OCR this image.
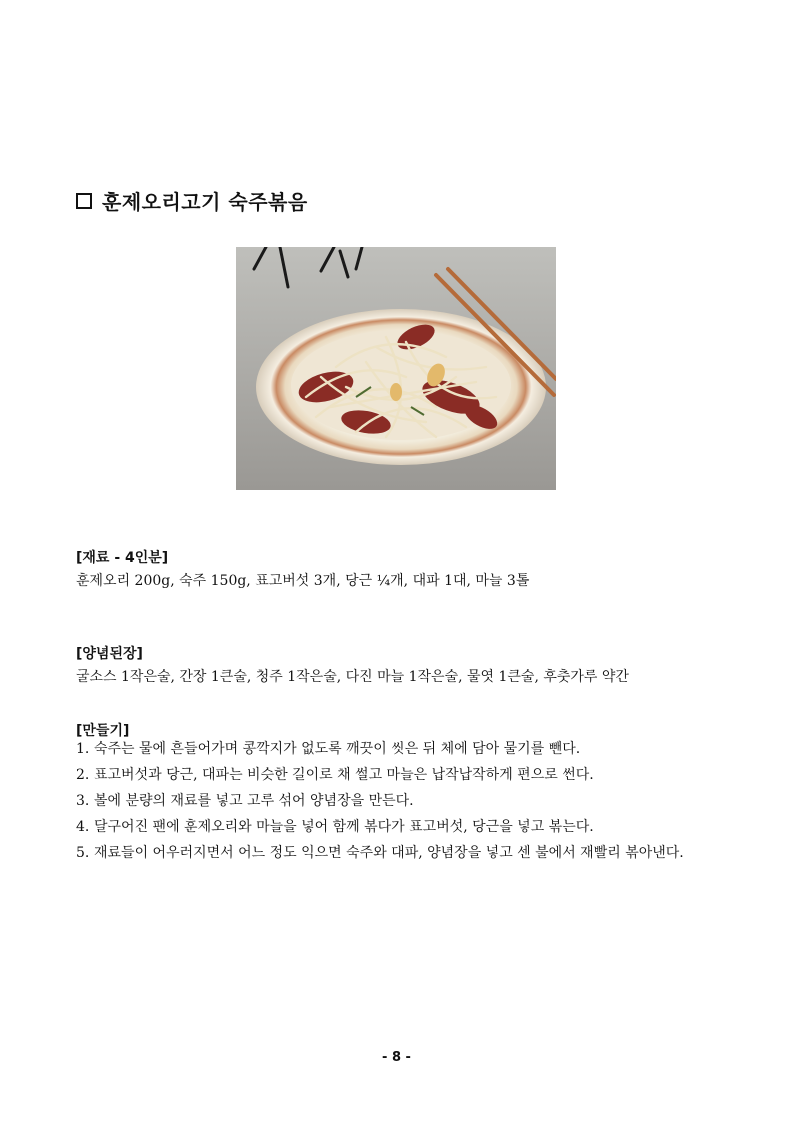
훈제오리고기 숙주볶음
[재료 - 4인분]
훈제오리 200g, 숙주 150g, 표고버섯 3개, 당근 ¼개, 대파 1대, 마늘 3톨
[양념된장]
굴소스 1작은술, 간장 1큰술, 청주 1작은술, 다진 마늘 1작은술, 물엿 1큰술, 후춧가루 약간
[만들기]
1. 숙주는 물에 흔들어가며 콩깍지가 없도록 깨끗이 씻은 뒤 체에 담아 물기를 뺀다.
2. 표고버섯과 당근, 대파는 비슷한 길이로 채 썰고 마늘은 납작납작하게 편으로 썬다.
3. 볼에 분량의 재료를 넣고 고루 섞어 양념장을 만든다.
4. 달구어진 팬에 훈제오리와 마늘을 넣어 함께 볶다가 표고버섯, 당근을 넣고 볶는다.
5. 재료들이 어우러지면서 어느 정도 익으면 숙주와 대파, 양념장을 넣고 센 불에서 재빨리 볶아낸다.
- 8 -
